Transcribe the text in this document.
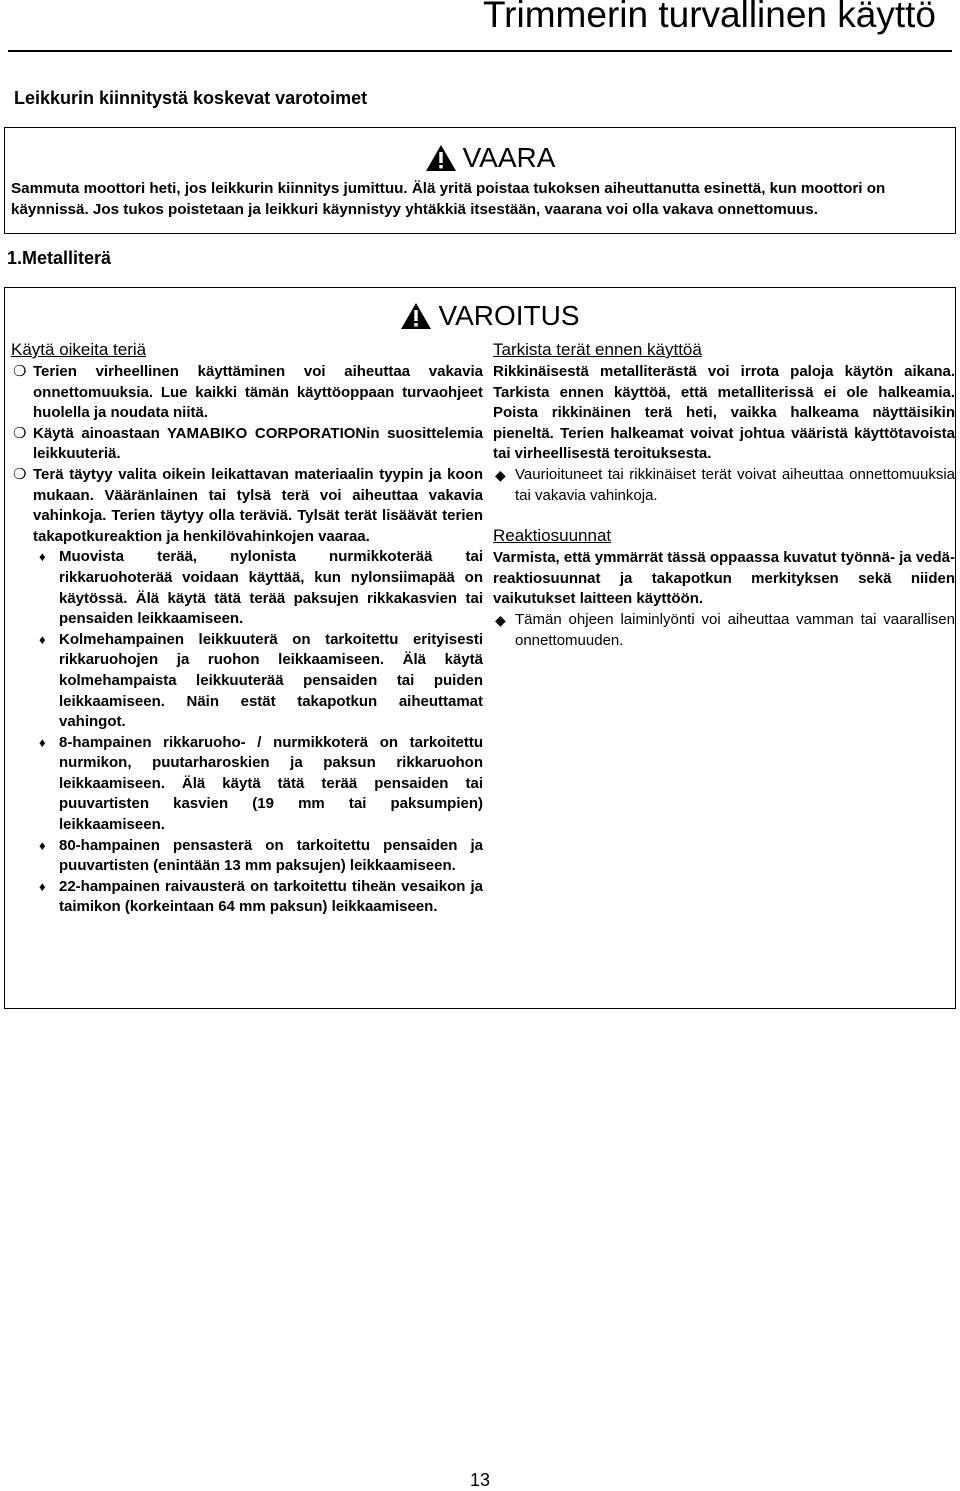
Trimmerin turvallinen käyttö
Leikkurin kiinnitystä koskevat varotoimet
VAARA

Sammuta moottori heti, jos leikkurin kiinnitys jumittuu. Älä yritä poistaa tukoksen aiheuttanutta esinettä, kun moottori on käynnissä. Jos tukos poistetaan ja leikkuri käynnistyy yhtäkkiä itsestään, vaarana voi olla vakava onnettomuus.

1.Metalliterä
VAROITUS
Käytä oikeita teriä
❍ Terien virheellinen käyttäminen voi aiheuttaa vakavia onnettomuuksia. Lue kaikki tämän käyttöoppaan turvaohjeet huolella ja noudata niitä.
❍ Käytä ainoastaan YAMABIKO CORPORATIONin suosittelemia leikkuuteriä.
❍ Terä täytyy valita oikein leikattavan materiaalin tyypin ja koon mukaan. Vääränlainen tai tylsä terä voi aiheuttaa vakavia vahinkoja. Terien täytyy olla teräviä. Tylsät terät lisäävät terien takapotkureaktion ja henkilövahinkojen vaaraa.
♦ Muovista terää, nylonista nurmikkoterää tai rikkaruohoterää voidaan käyttää, kun nylonsiimapää on käytössä. Älä käytä tätä terää paksujen rikkakasvien tai pensaiden leikkaamiseen.
♦ Kolmehampainen leikkuuterä on tarkoitettu erityisesti rikkaruohojen ja ruohon leikkaamiseen. Älä käytä kolmehampaista leikkuuterää pensaiden tai puiden leikkaamiseen. Näin estät takapotkun aiheuttamat vahingot.
♦ 8-hampainen rikkaruoho- / nurmikkoterä on tarkoitettu nurmikon, puutarharoskien ja paksun rikkaruohon leikkaamiseen. Älä käytä tätä terää pensaiden tai puuvartisten kasvien (19 mm tai paksumpien) leikkaamiseen.
♦ 80-hampainen pensasterä on tarkoitettu pensaiden ja puuvartisten (enintään 13 mm paksujen) leikkaamiseen.
♦ 22-hampainen raivausterä on tarkoitettu tiheän vesaikon ja taimikon (korkeintaan 64 mm paksun) leikkaamiseen.
Tarkista terät ennen käyttöä

Rikkinäisestä metalliterästä voi irrota paloja käytön aikana. Tarkista ennen käyttöä, että metalliterissä ei ole halkeamia. Poista rikkinäinen terä heti, vaikka halkeama näyttäisikin pieneltä. Terien halkeamat voivat johtua vääristä käyttötavoista tai virheellisestä teroituksesta.

◆ Vaurioituneet tai rikkinäiset terät voivat aiheuttaa onnettomuuksia tai vakavia vahinkoja.
Reaktiosuunnat

Varmista, että ymmärrät tässä oppaassa kuvatut työnnä- ja vedä-reaktiosuunnat ja takapotkun merkityksen sekä niiden vaikutukset laitteen käyttöön.

◆ Tämän ohjeen laiminlyönti voi aiheuttaa vamman tai vaarallisen onnettomuuden.

13
